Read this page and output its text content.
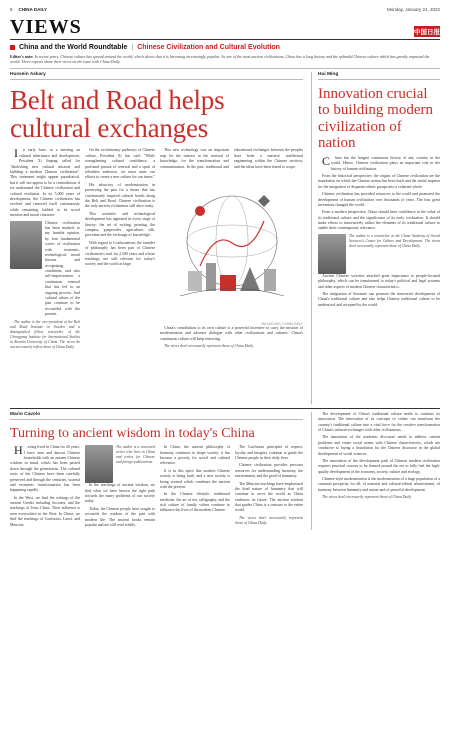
8 CHINA DAILY	Monday, January 24, 2022
VIEWS	中国日报
China and the World Roundtable | Chinese Civilization and Cultural Evolution
Editor's note: In recent years, Chinese culture has spread around the world, which shows that it is becoming increasingly popular. As one of the most ancient civilizations, China has a long history and the splendid Chinese culture which has greatly impacted the world. Three experts share their views on the issue with China Daily.
Hussein Askary
Belt and Road helps cultural exchanges

In early June, at a meeting on cultural inheritance and development, President Xi Jinping called for "abolishing new cultural mission and building a modern Chinese civilization". This statement might appear paradoxical, but it will not appear to be a contradiction if we understand the Chinese civilization and cultural evolution. In its 5,000 years of development, the Chinese civilization has evolved and renewed itself continuously while remaining faithful to its social mentors and moral character.

Chinese civilization has been marked, to my humble opinion, by four fundamental waves of civilization with economic, technological, moral lessons and recognizing conditions, and also self-improvement, a continuous renewal that has led to an ongoing process. And cultural values of the past continue to be reconciled with the present.

The author is the vice-president of the Belt and Road Institute in Sweden and a distinguished fellow researcher of the Chongyang Institute for International Studies at Renmin University of China. The views do not necessarily reflect those of China Daily.

On the evolutionary pathways of Chinese culture, President Xi has said: "While strengthening cultural confidence, a profound pursuit of renewal and a spirit of relentless endeavor, we must unite our efforts to create a new culture for our times."

His advocacy of modernization in preserving the past for a future that has continuously inspired cultural bonds along the Belt and Road. Chinese civilization is the only ancient civilization still alive today.

This scientific and technological development has appeared in every stage of history: the art of writing, printing, the compass, gunpowder, agriculture, silk, porcelain and the exchange of knowledge.

With regard to Confucianism, the founder of philosophy has been part of Chinese civilization's soul for 2,500 years and whose teachings are still relevant for today's society and the world at large.

This new technology was an important step for the interest in the renewal of knowledge, for the transformation and communication. In the past, traditional and educational exchanges between the peoples have been a massive intellectual engineering within the Chinese territory, and the ideas have been tested to scope.

MA XUEJING / CHINA DAILY

China's contribution to its own culture is a powerful incentive to carry the mission of modernization and advance dialogue with other civilizations and cultures. China's continuous culture will keep renewing.

The views don't necessarily represent those of China Daily.

Hui Ming
Innovation crucial to building modern civilization of nation

China has the longest continuous history of any country in the world. Hence, Chinese civilization plays an important role in the history of human civilization.

From the historical perspective, the origins of Chinese civilization are the foundation on which the Chinese nation has been built and the initial impetus for the integration of disparate ethnic groups into a coherent whole.

Chinese civilization has provided resources to the world and promoted the development of human civilization over thousands of years. The four great inventions changed the world.

From a modern perspective, China should have confidence in the value of its traditional culture and the significance of its early civilization. It should make efforts to innovatively utilize the elements of its traditional culture to enable their contemporary relevance.

The author is a researcher at the China Academy of Social Sciences's Center for Culture and Development. The views don't necessarily represent those of China Daily.

Ancient Chinese societies attached great importance to people-focused philosophy, which can be transformed to today's political and legal systems and other aspects of modern Chinese characteristics.

The integration of literature can promote the innovative development of China's traditional culture and also helps Chinese traditional culture to be understood and accepted by the world.

Mario Cavolo
Turning to ancient wisdom in today's China

Having lived in China for 20 years, I have seen and known Chinese households with an ancient Chinese wisdom in mind, which has been passed down through the generations. The cultural roots of the Chinese have been carefully preserved and through the centuries, societal and economic transformation has been happening rapidly.

In the West, we find the writings of the ancient Greeks including Socrates, and the teachings of Jesus Christ. Their influence is seen everywhere in the West. In China, we find the teachings of Confucius, Laozi, and Mencius.

The author is a renowned writer who lives in China and writes for Chinese and foreign publications.

In the teachings of ancient wisdom, we find what we have known the right path towards the many problems of our society today.

Today, the Chinese people have sought to reconcile the wisdom of the past with modern life. The ancient books remain popular and are still read widely.

In China, the ancient philosophy of harmony continues to shape society; it has become a priority for social and cultural relevance.

It is in this spirit that modern Chinese society is being built, and a new society is being created which combines the ancient with the present.

In the Chinese lifestyle, traditional medicine, the art of tea, calligraphy, and the rich culture of family values continue to influence the lives of the modern Chinese.

The Confucian principles of respect, loyalty and integrity continue to guide the Chinese people in their daily lives.

Chinese civilization provides precious resources for understanding harmony, the environment, and the good of humanity.

The Mencius teachings have emphasized the kind nature of humanity that will continue to serve the world as China embraces its future. The ancient wisdom that guides China is a treasure to the entire world.

The views don't necessarily represent those of China Daily.

The development of China's traditional culture needs to continue its innovation. The innovation of its concepts of values can transform the country's traditional culture into a vital force for the creative transformation of China's cultural exchanges with other civilizations.

The innovation of the academic discourse needs to address current problems and create social norms with Chinese characteristics, which are conducive to laying a foundation for the Chinese discourse in the global development of social sciences.

The innovation of the development path of Chinese modern civilization requires practical courses to be formed around the era to fully fuel the high-quality development of the economy, society, culture and ecology.

Chinese-style modernization is the modernization of a huge population of a common prosperity for all, of material and cultural-ethical advancement, of harmony between humanity and nature and of peaceful development.

The views don't necessarily represent those of China Daily.
